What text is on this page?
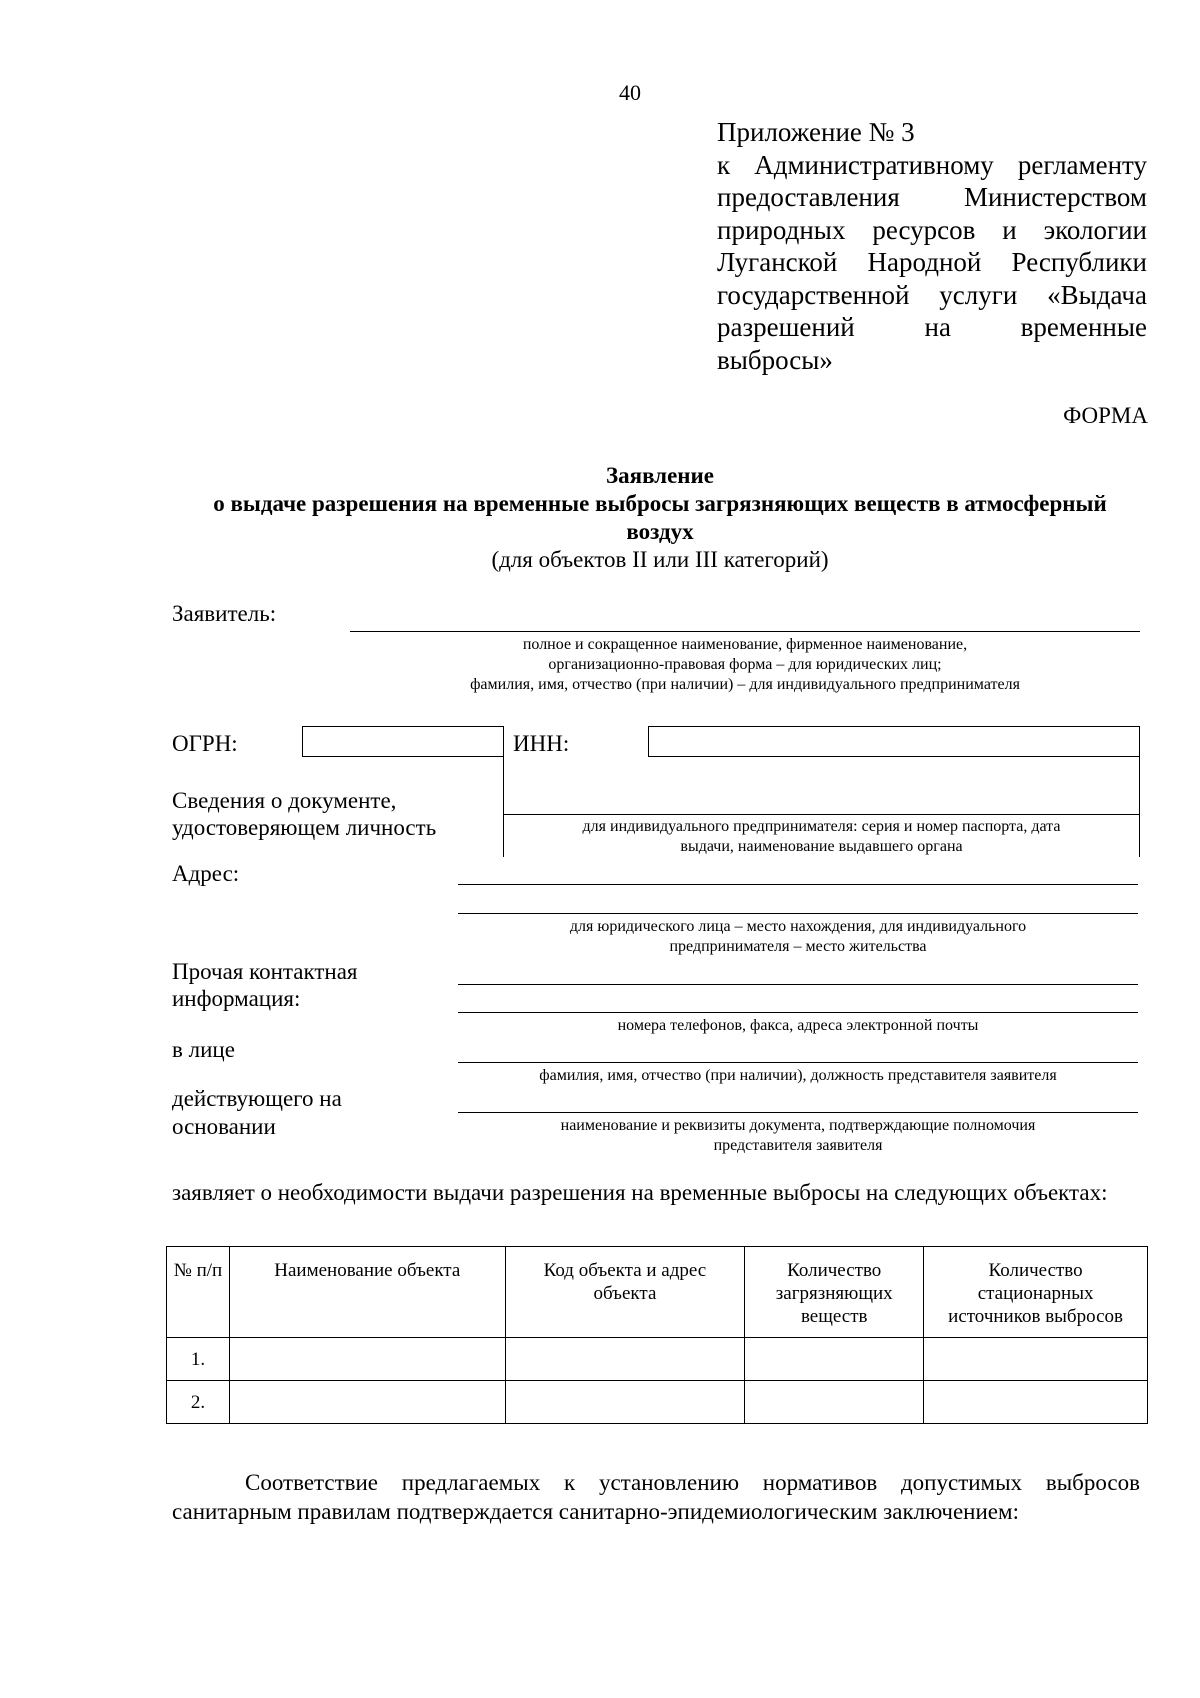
40
Приложение № 3
к Административному регламенту
предоставления Министерством
природных ресурсов и экологии
Луганской Народной Республики
государственной услуги «Выдача
разрешений на временные
выбросы»
ФОРМА
Заявление
о выдаче разрешения на временные выбросы загрязняющих веществ в атмосферный
воздух
(для объектов II или III категорий)
Заявитель:
полное и сокращенное наименование, фирменное наименование,
организационно-правовая форма – для юридических лиц;
фамилия, имя, отчество (при наличии) – для индивидуального предпринимателя
ОГРН:	ИНН:
Сведения о документе,
удостоверяющем личность	для индивидуального предпринимателя: серия и номер паспорта, дата
выдачи, наименование выдавшего органа
Адрес:
для юридического лица – место нахождения, для индивидуального
предпринимателя – место жительства
Прочая контактная
информация:
номера телефонов, факса, адреса электронной почты
в лице
фамилия, имя, отчество (при наличии), должность представителя заявителя
действующего на
основании	наименование и реквизиты документа, подтверждающие полномочия
представителя заявителя
заявляет о необходимости выдачи разрешения на временные выбросы на следующих объектах:
№ п/п	Наименование объекта	Код объекта и адрес объекта	Количество загрязняющих веществ	Количество стационарных источников выбросов
1.				
2.				
Соответствие предлагаемых к установлению нормативов допустимых выбросов санитарным правилам подтверждается санитарно-эпидемиологическим заключением:
